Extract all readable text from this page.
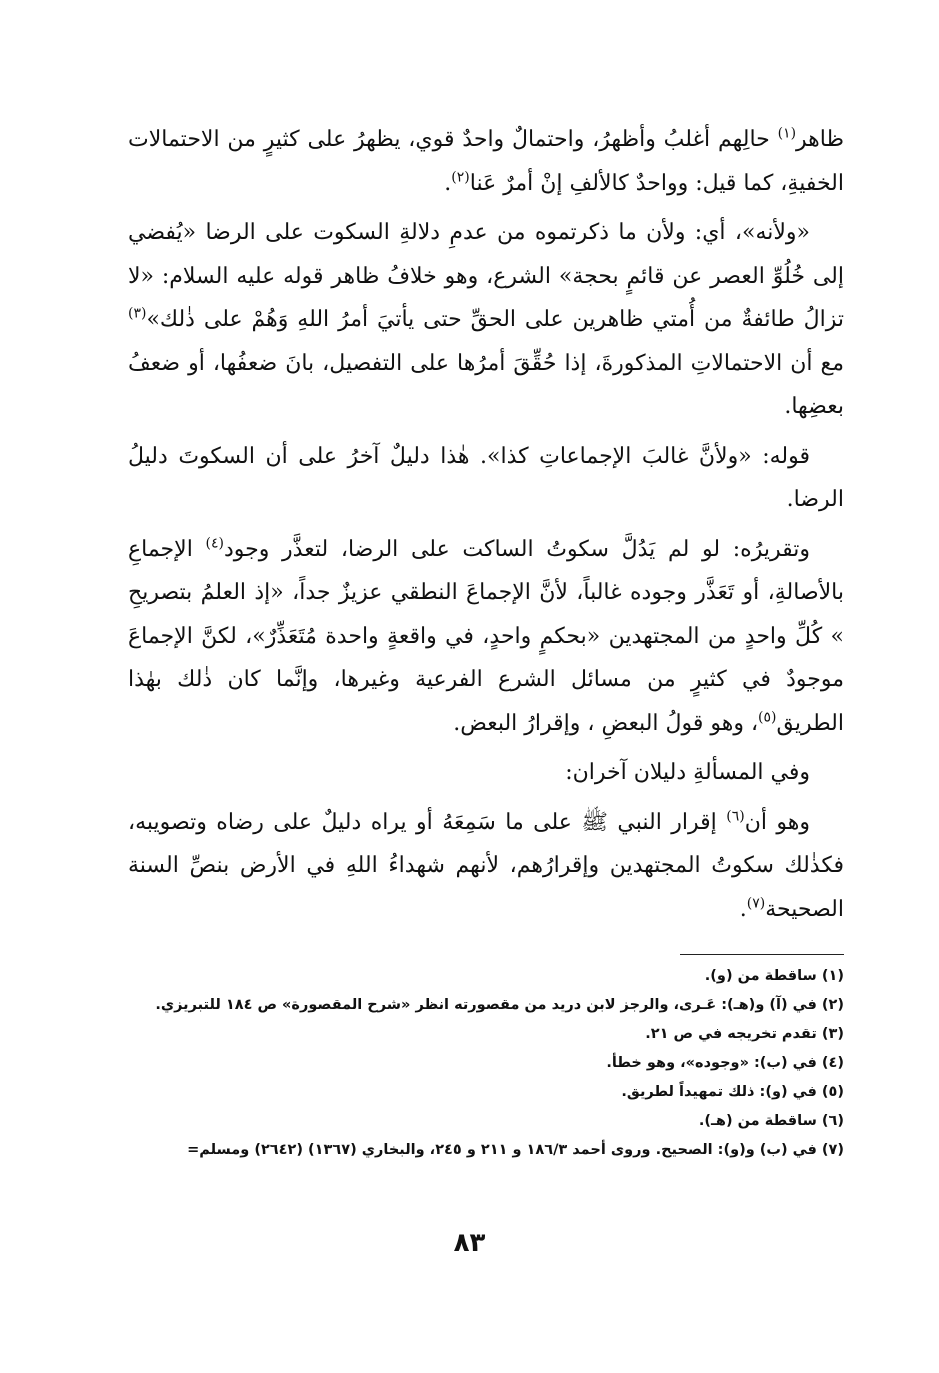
ظاهر$^{(١)}$ حالِهم أغلبُ وأظهرُ، واحتمالٌ واحدٌ قوي، يظهرُ على كثيرٍ من الاحتمالات الخفيةِ، كما قيل: وواحدٌ كالألفِ إنْ أمرٌ عَنا$^{(٢)}$.

«ولأنه»، أي: ولأن ما ذكرتموه من عدمِ دلالةِ السكوت على الرضا «يُفضي إلى خُلُوِّ العصر عن قائمٍ بحجة» الشرع، وهو خلافُ ظاهر قوله عليه السلام: «لا تزالُ طائفةٌ من أُمتي ظاهرين على الحقِّ حتى يأتيَ أمرُ اللهِ وَهُمْ على ذٰلك»$^{(٣)}$ مع أن الاحتمالاتِ المذكورةَ، إذا حُقِّقَ أمرُها على التفصيل، بانَ ضعفُها، أو ضعفُ بعضِها.

قوله: «ولأنَّ غالبَ الإجماعاتِ كذا». هٰذا دليلٌ آخرُ على أن السكوتَ دليلُ الرضا.

وتقريرُه: لو لم يَدُلَّ سكوتُ الساكت على الرضا، لتعذَّر وجود$^{(٤)}$ الإجماعِ بالأصالةِ، أو تَعَذَّر وجوده غالباً، لأنَّ الإجماعَ النطقي عزيزٌ جداً، «إذ العلمُ بتصريحِ » كُلِّ واحدٍ من المجتهدين «بحكمٍ واحدٍ، في واقعةٍ واحدة مُتَعَذِّرٌ»، لكنَّ الإجماعَ موجودٌ في كثيرٍ من مسائل الشرع الفرعية وغيرها، وإنَّما كان ذٰلك بهٰذا الطريق$^{(٥)}$، وهو قولُ البعضِ ، وإقرارُ البعض.

وفي المسألةِ دليلان آخران:

وهو أن$^{(٦)}$ إقرار النبي ﷺ على ما سَمِعَهُ أو يراه دليلٌ على رضاه وتصويبه، فكذٰلك سكوتُ المجتهدين وإقرارُهم، لأنهم شهداءُ اللهِ في الأرض بنصِّ السنة الصحيحة$^{(٧)}$.

(١) ساقطة من (و).
(٢) في (آ) و(هـ): عَـرى، والرجز لابن دريد من مقصورته انظر «شرح المقصورة» ص ١٨٤ للتبريزي.
(٣) تقدم تخريجه في ص ٢١.
(٤) في (ب): «وجوده»، وهو خطأ.
(٥) في (و): ذلك تمهيداً لطريق.
(٦) ساقطة من (هـ).
(٧) في (ب) و(و): الصحيح. وروى أحمد ١٨٦/٣ و ٢١١ و ٢٤٥، والبخاري (١٣٦٧) (٢٦٤٢) ومسلم=
٨٣
